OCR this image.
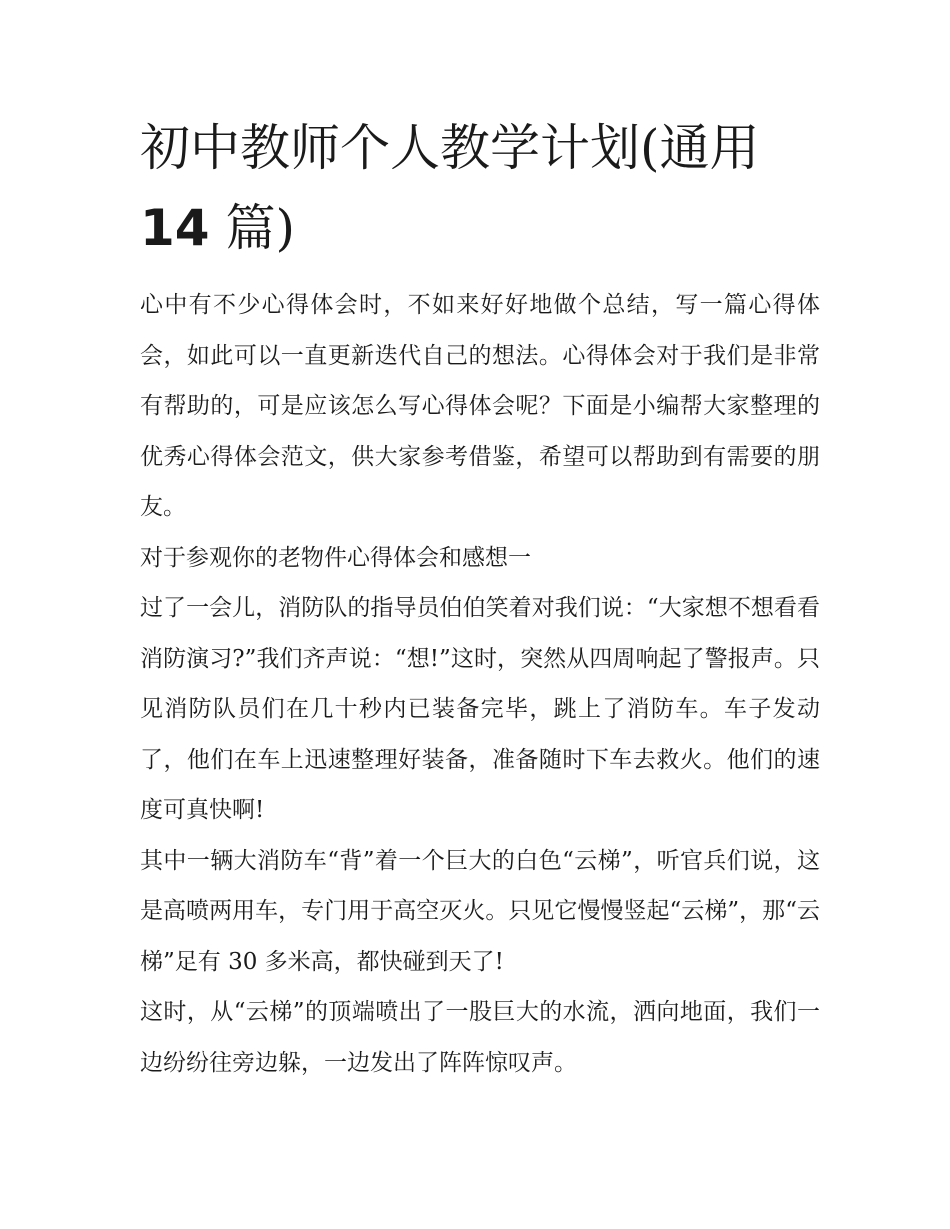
初中教师个人教学计划(通用
14 篇)

心中有不少心得体会时，不如来好好地做个总结，写一篇心得体会，如此可以一直更新迭代自己的想法。心得体会对于我们是非常有帮助的，可是应该怎么写心得体会呢？下面是小编帮大家整理的优秀心得体会范文，供大家参考借鉴，希望可以帮助到有需要的朋友。

对于参观你的老物件心得体会和感想一

过了一会儿，消防队的指导员伯伯笑着对我们说：“大家想不想看看消防演习?”我们齐声说：“想!”这时，突然从四周响起了警报声。只见消防队员们在几十秒内已装备完毕，跳上了消防车。车子发动了，他们在车上迅速整理好装备，准备随时下车去救火。他们的速度可真快啊!

其中一辆大消防车“背”着一个巨大的白色“云梯”，听官兵们说，这是高喷两用车，专门用于高空灭火。只见它慢慢竖起“云梯”，那“云梯”足有 30 多米高，都快碰到天了!

这时，从“云梯”的顶端喷出了一股巨大的水流，洒向地面，我们一边纷纷往旁边躲，一边发出了阵阵惊叹声。
